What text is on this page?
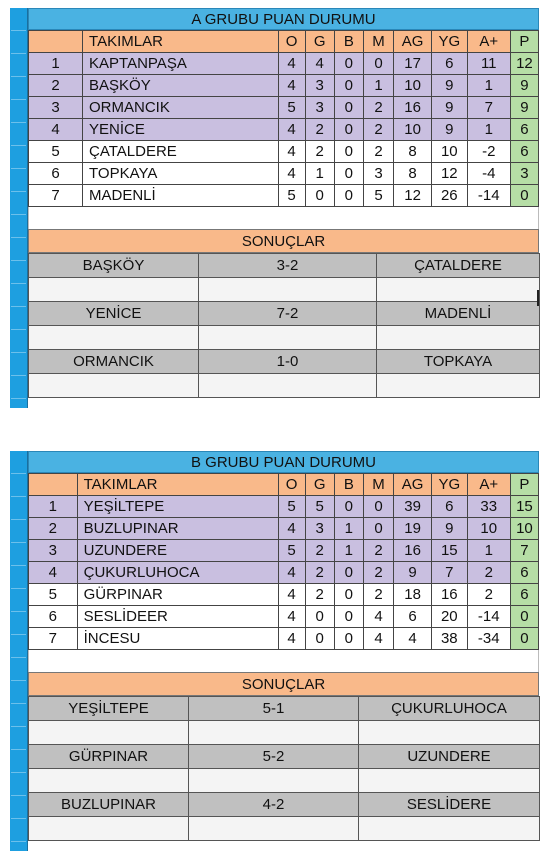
A GRUBU PUAN DURUMU
	TAKIMLAR	O	G	B	M	AG	YG	A+	P
1	KAPTANPAŞA	4	4	0	0	17	6	11	12
2	BAŞKÖY	4	3	0	1	10	9	1	9
3	ORMANCIK	5	3	0	2	16	9	7	9
4	YENİCE	4	2	0	2	10	9	1	6
5	ÇATALDERE	4	2	0	2	8	10	-2	6
6	TOPKAYA	4	1	0	3	8	12	-4	3
7	MADENLİ	5	0	0	5	12	26	-14	0
SONUÇLAR
BAŞKÖY	3-2	ÇATALDERE

YENİCE	7-2	MADENLİ

ORMANCIK	1-0	TOPKAYA

B GRUBU PUAN DURUMU
	TAKIMLAR	O	G	B	M	AG	YG	A+	P
1	YEŞİLTEPE	5	5	0	0	39	6	33	15
2	BUZLUPINAR	4	3	1	0	19	9	10	10
3	UZUNDERE	5	2	1	2	16	15	1	7
4	ÇUKURLUHOCA	4	2	0	2	9	7	2	6
5	GÜRPINAR	4	2	0	2	18	16	2	6
6	SESLİDEER	4	0	0	4	6	20	-14	0
7	İNCESU	4	0	0	4	4	38	-34	0
SONUÇLAR
YEŞİLTEPE	5-1	ÇUKURLUHOCA

GÜRPINAR	5-2	UZUNDERE

BUZLUPINAR	4-2	SESLİDERE
